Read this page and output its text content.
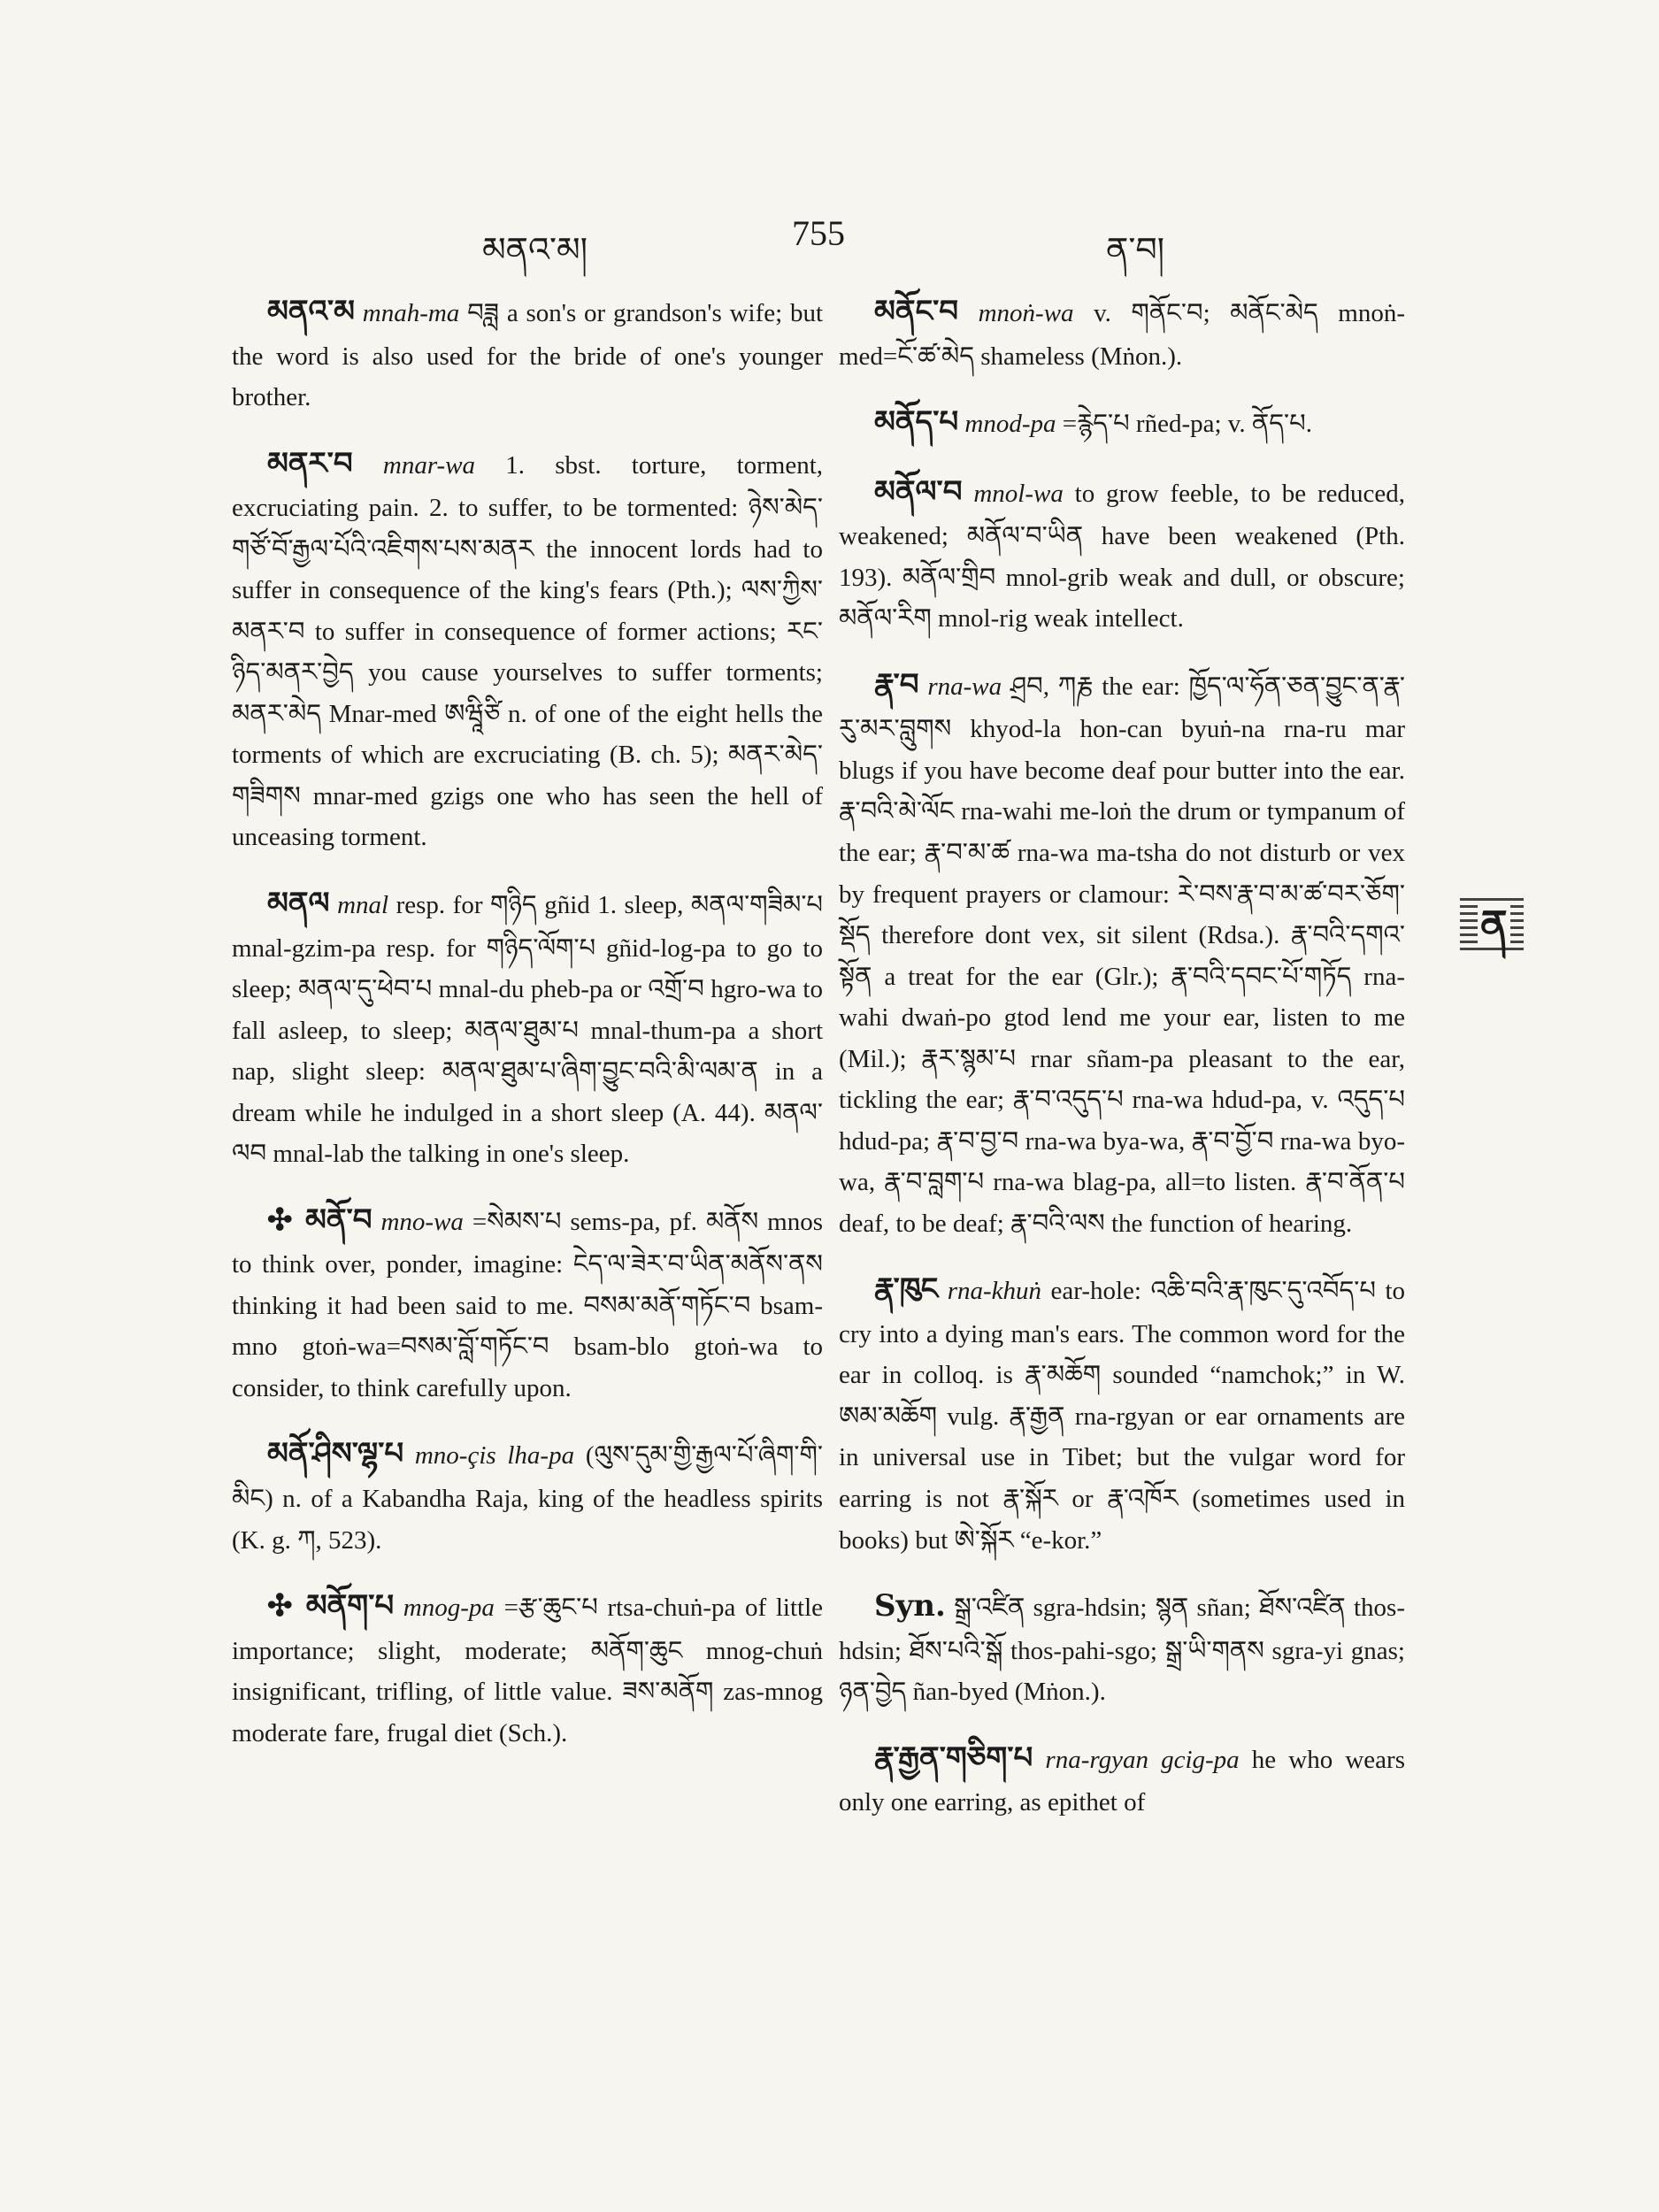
མནའ་མ།	755	ན་བ།

མནའ་མ mnah-ma བཟླ a son's or grandson's wife; but the word is also used for the bride of one's younger brother.

མནར་བ mnar-wa 1. sbst. torture, torment, excruciating pain. 2. to suffer, to be tormented: ཉེས་མེད་གཙོ་བོ་རྒྱལ་པོའི་འཇིགས་པས་མནར the innocent lords had to suffer in consequence of the king's fears (Pth.); ལས་ཀྱིས་མནར་བ to suffer in consequence of former actions; རང་ཉིད་མནར་བྱེད you cause yourselves to suffer torments; མནར་མེད Mnar-med ཨཝཱིཙི n. of one of the eight hells the torments of which are excruciating (B. ch. 5); མནར་མེད་གཟིགས mnar-med gzigs one who has seen the hell of unceasing torment.

མནལ mnal resp. for གཉིད gñid 1. sleep, མནལ་གཟིམ་པ mnal-gzim-pa resp. for གཉིད་ལོག་པ gñid-log-pa to go to sleep; མནལ་དུ་ཕེབ་པ mnal-du pheb-pa or འགྲོ་བ hgro-wa to fall asleep, to sleep; མནལ་ཐུམ་པ mnal-thum-pa a short nap, slight sleep: མནལ་ཐུམ་པ་ཞིག་བྱུང་བའི་མི་ལམ་ན in a dream while he indulged in a short sleep (A. 44). མནལ་ལབ mnal-lab the talking in one's sleep.

✣ མནོ་བ mno-wa =སེམས་པ sems-pa, pf. མནོས mnos to think over, ponder, imagine: ངེད་ལ་ཟེར་བ་ཡིན་མནོས་ནས thinking it had been said to me. བསམ་མནོ་གཏོང་བ bsam-mno gtoṅ-wa=བསམ་བློ་གཏོང་བ bsam-blo gtoṅ-wa to consider, to think carefully upon.

མནོ་ཤིས་ལྷ་པ mno-çis lha-pa (ལུས་དུམ་གྱི་རྒྱལ་པོ་ཞིག་གི་མིང) n. of a Kabandha Raja, king of the headless spirits (K. g. ཀ, 523).

✣ མནོག་པ mnog-pa =རྩ་ཆུང་པ rtsa-chuṅ-pa of little importance; slight, moderate; མནོག་ཆུང mnog-chuṅ insignificant, trifling, of little value. ཟས་མནོག zas-mnog moderate fare, frugal diet (Sch.).

མནོང་བ mnoṅ-wa v. གནོང་བ; མནོང་མེད mnoṅ-med=ངོ་ཚ་མེད shameless (Mṅon.).

མནོད་པ mnod-pa =རྙེད་པ rñed-pa; v. ནོད་པ.

མནོལ་བ mnol-wa to grow feeble, to be reduced, weakened; མནོལ་བ་ཡིན have been weakened (Pth. 193). མནོལ་གྲིབ mnol-grib weak and dull, or obscure; མནོལ་རིག mnol-rig weak intellect.

རྣ་བ rna-wa ཤྲབ, ཀརྞ the ear: ཁྱོད་ལ་ཧོན་ཅན་བྱུང་ན་རྣ་རུ་མར་བླུགས khyod-la hon-can byuṅ-na rna-ru mar blugs if you have become deaf pour butter into the ear. རྣ་བའི་མེ་ལོང rna-wahi me-loṅ the drum or tympanum of the ear; རྣ་བ་མ་ཚ rna-wa ma-tsha do not disturb or vex by frequent prayers or clamour: རེ་བས་རྣ་བ་མ་ཚ་བར་ཅོག་སྡོད therefore dont vex, sit silent (Rdsa.). རྣ་བའི་དགའ་སྟོན a treat for the ear (Glr.); རྣ་བའི་དབང་པོ་གཏོད rna-wahi dwaṅ-po gtod lend me your ear, listen to me (Mil.); རྣར་སྙམ་པ rnar sñam-pa pleasant to the ear, tickling the ear; རྣ་བ་འདུད་པ rna-wa hdud-pa, v. འདུད་པ hdud-pa; རྣ་བ་བྱ་བ rna-wa bya-wa, རྣ་བ་བྱོ་བ rna-wa byo-wa, རྣ་བ་བླག་པ rna-wa blag-pa, all=to listen. རྣ་བ་ནོན་པ deaf, to be deaf; རྣ་བའི་ལས the function of hearing.

རྣ་ཁུང rna-khuṅ ear-hole: འཆི་བའི་རྣ་ཁུང་དུ་འབོད་པ to cry into a dying man's ears. The common word for the ear in colloq. is རྣ་མཆོག sounded “namchok;” in W. ཨམ་མཆོག vulg. རྣ་རྒྱན rna-rgyan or ear ornaments are in universal use in Tibet; but the vulgar word for earring is not རྣ་སྐོར or རྣ་འཁོར (sometimes used in books) but ཨེ་སྐོར “e-kor.”

Syn. སྒྲ་འཛིན sgra-hdsin; སྙན sñan; ཐོས་འཛིན thos-hdsin; ཐོས་པའི་སྒོ thos-pahi-sgo; སྒྲ་ཡི་གནས sgra-yi gnas; ཉན་བྱེད ñan-byed (Mṅon.).

རྣ་རྒྱན་གཅིག་པ rna-rgyan gcig-pa he who wears only one earring, as epithet of

ན
